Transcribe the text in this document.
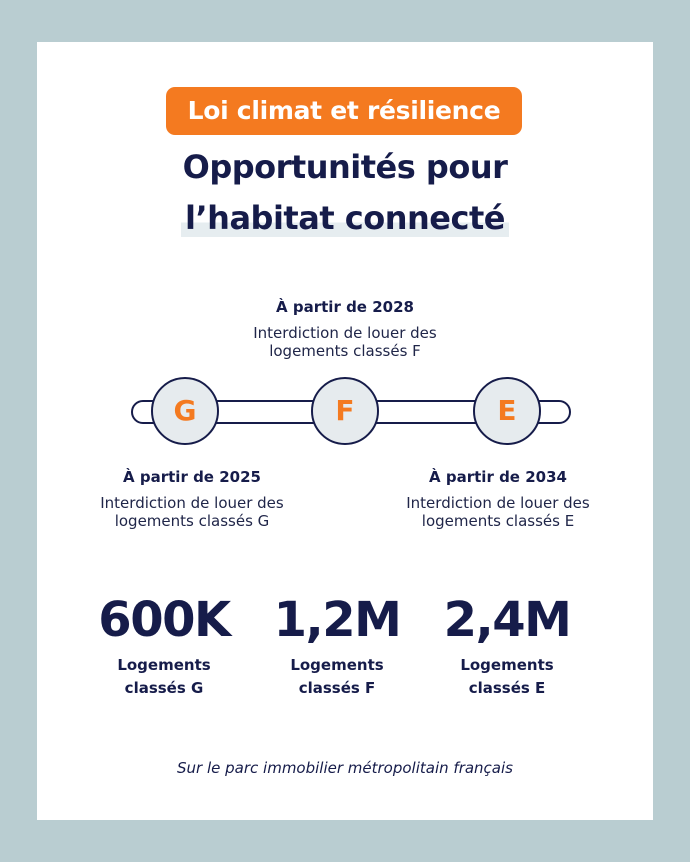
Loi climat et résilience
Opportunités pour
l’habitat connecté
À partir de 2028
Interdiction de louer des
logements classés F
G	F	E
À partir de 2025
Interdiction de louer des
logements classés G
À partir de 2034
Interdiction de louer des
logements classés E
600K
Logements
classés G
1,2M
Logements
classés F
2,4M
Logements
classés E
Sur le parc immobilier métropolitain français
